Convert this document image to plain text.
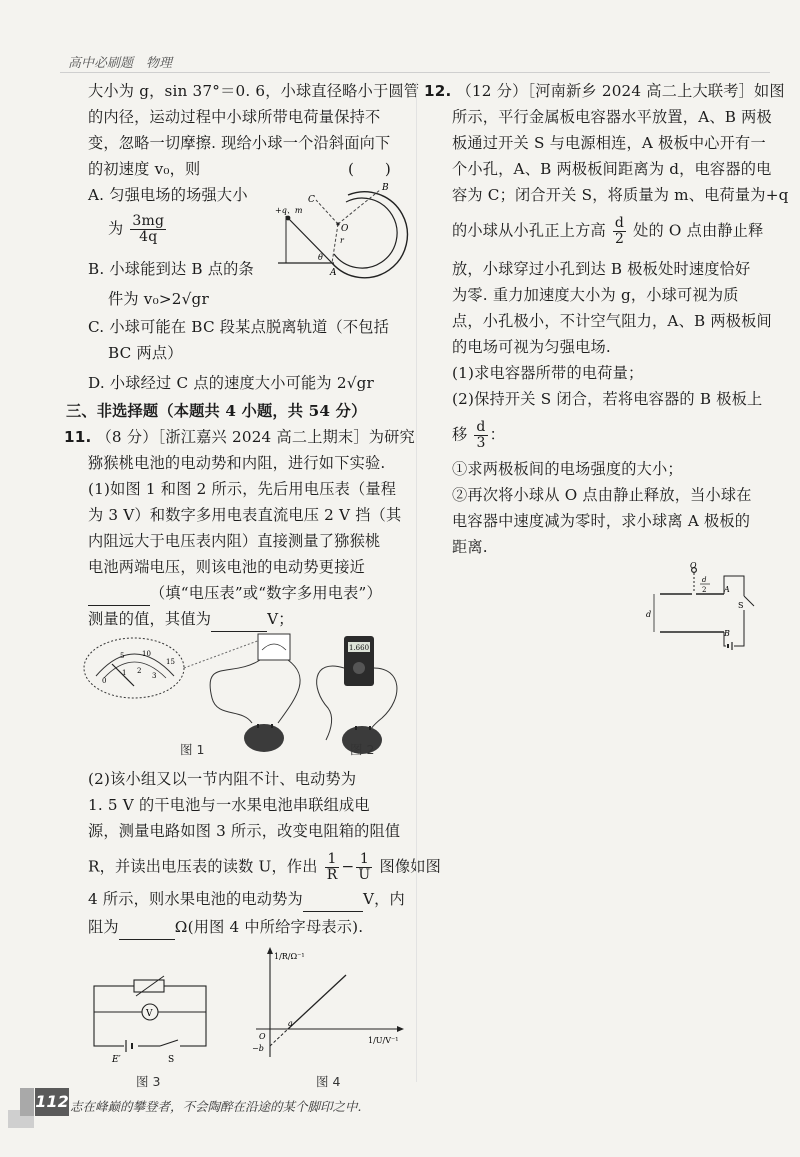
高中必刷题　物理
大小为 g，sin 37°＝0. 6，小球直径略小于圆管
的内径，运动过程中小球所带电荷量保持不
变，忽略一切摩擦. 现给小球一个沿斜面向下
的初速度 v₀，则	(　　)
A. 匀强电场的场强大小
为 $\frac{3mg}{4q}$
+q、m
B
C
O
A
r
θ
B. 小球能到达 B 点的条
件为 v₀>2√gr
C. 小球可能在 BC 段某点脱离轨道（不包括
BC 两点）
D. 小球经过 C 点的速度大小可能为 2√gr
三、非选择题（本题共 4 小题，共 54 分）
11. （8 分）［浙江嘉兴 2024 高二上期末］为研究
猕猴桃电池的电动势和内阻，进行如下实验.
(1)如图 1 和图 2 所示，先后用电压表（量程
为 3 V）和数字多用电表直流电压 2 V 挡（其
内阻远大于电压表内阻）直接测量了猕猴桃
电池两端电压，则该电池的电动势更接近
（填“电压表”或“数字多用电表”）
测量的值，其值为	V；
0
1 2
3
5	10
15
1.660
图 1	图 2
(2)该小组又以一节内阻不计、电动势为
1. 5 V 的干电池与一水果电池串联组成电
源，测量电路如图 3 所示，改变电阻箱的阻值
R，并读出电压表的读数 U，作出 $\frac{1}{R} - \frac{1}{U}$ 图像如图
4 所示，则水果电池的电动势为	V，内
阻为	Ω(用图 4 中所给字母表示).
V
E′	S
图 3
1/R/Ω⁻¹
1/U/V⁻¹
O
a
−b
图 4
12. （12 分）［河南新乡 2024 高二上大联考］如图
所示，平行金属板电容器水平放置，A、B 两极
板通过开关 S 与电源相连，A 极板中心开有一
个小孔，A、B 两极板间距离为 d，电容器的电
容为 C；闭合开关 S，将质量为 m、电荷量为+q
的小球从小孔正上方高 $\frac{d}{2}$ 处的 O 点由静止释
放，小球穿过小孔到达 B 极板处时速度恰好
为零. 重力加速度大小为 g，小球可视为质
点，小孔极小，不计空气阻力，A、B 两极板间
的电场可视为匀强电场.
(1)求电容器所带的电荷量；
(2)保持开关 S 闭合，若将电容器的 B 极板上
移 $\frac{d}{3}$ ：
①求两极板间的电场强度的大小；
②再次将小球从 O 点由静止释放，当小球在
电容器中速度减为零时，求小球离 A 极板的
距离.
O
d
2 A
B
d
S
112 志在峰巅的攀登者，不会陶醉在沿途的某个脚印之中.
